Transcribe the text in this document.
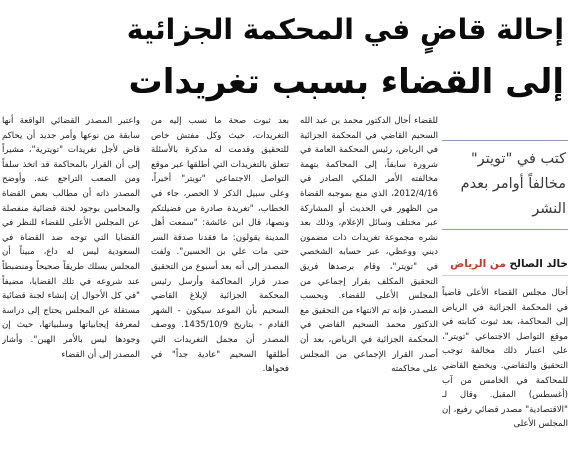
إحالة قاضٍ في المحكمة الجزائية
إلى القضاء بسبب تغريدات
كتب في "تويتر"
مخالفاً أوامر بعدم
النشر
خالد الصالح من الرياض
أحال مجلس القضاء الأعلى قاضياً في المحكمة الجزائية في الرياض إلى المحاكمة، بعد ثبوت كتابته في موقع التواصل الاجتماعي "تويتر"، على اعتبار ذلك مخالفة توجب التحقيق والتقاضي. ويخضع القاضي للمحاكمة في الخامس من آب (أغسطس) المقبل. وقال لـ "الاقتصادية" مصدر قضائي رفيع، إن المجلس الأعلى

للقضاء أحال الدكتور محمد بن عبد الله السحيم القاضي في المحكمة الجزائية في الرياض، رئيس المحكمة العامة في شرورة سابقاً، إلى المحاكمة بتهمة مخالفته الأمر الملكي الصادر في 2012/4/16، الذي منع بموجبه القضاة من الظهور في الحديث أو المشاركة عبر مختلف وسائل الإعلام، وذلك بعد نشره مجموعة تغريدات ذات مضمون ديني ووعظي، عبر حسابه الشخصي في "تويتر"، وقام برصدها فريق التحقيق المكلف بقرار إجماعي من المجلس الأعلى للقضاء. وبحسب المصدر، فإنه تم الانتهاء من التحقيق مع الدكتور محمد السحيم القاضي في المحكمة الجزائية في الرياض، بعد أن أصدر القرار الإجماعي من المجلس على محاكمته

بعد ثبوت صحة ما نسب إليه من التغريدات، حيث وكل مفتش خاص للتحقيق وقدمت له مذكرة بالأسئلة تتعلق بالتغريدات التي أطلقها عبر موقع التواصل الاجتماعي "تويتر" أخيراً، وعلى سبيل الذكر لا الحصر، جاء في الخطاب، "تغريدة صادرة من فضيلتكم ونصها، قال ابن عائشة: "سمعت أهل المدينة يقولون: ما فقدنا صدقة السر حتى مات علي بن الحسين". ولفت المصدر إلى أنه بعد أسبوع من التحقيق صدر قرار المحاكمة وأرسل رئيس المحكمة الجزائية لإبلاغ القاضي السحيم بأن الموعد سيكون - الشهر القادم - بتاريخ 1435/10/9. ووصف المصدر أن مجمل التغريدات التي أطلقها السحيم "عادية جداً" في فحواها.

واعتبر المصدر القضائي الواقعة أنها سابقة من نوعها وأمر جديد أن يحاكم قاض لأجل تغريدات "تويترية"، مشيراً إلى أن القرار بالمحاكمة قد اتخذ سلفاً ومن الصعب التراجع عنه. وأوضح المصدر ذاته أن مطالب بعض القضاة والمحامين بوجود لجنة قضائية منفصلة عن المجلس الأعلى للقضاء للنظر في القضايا التي توجه ضد القضاة في السعودية ليس له داع، مبيناً أن المجلس يسلك طريقاً صحيحاً ومنضبطاً عند شروعه في تلك القضايا، مضيفاً "في كل الأحوال إن إنشاء لجنة قضائية مستقلة عن المجلس يحتاج إلى دراسة لمعرفة إيجابياتها وسلبياتها، حيث إن وجودها ليس بالأمر الهين". وأشار المصدر إلى أن القضاء
